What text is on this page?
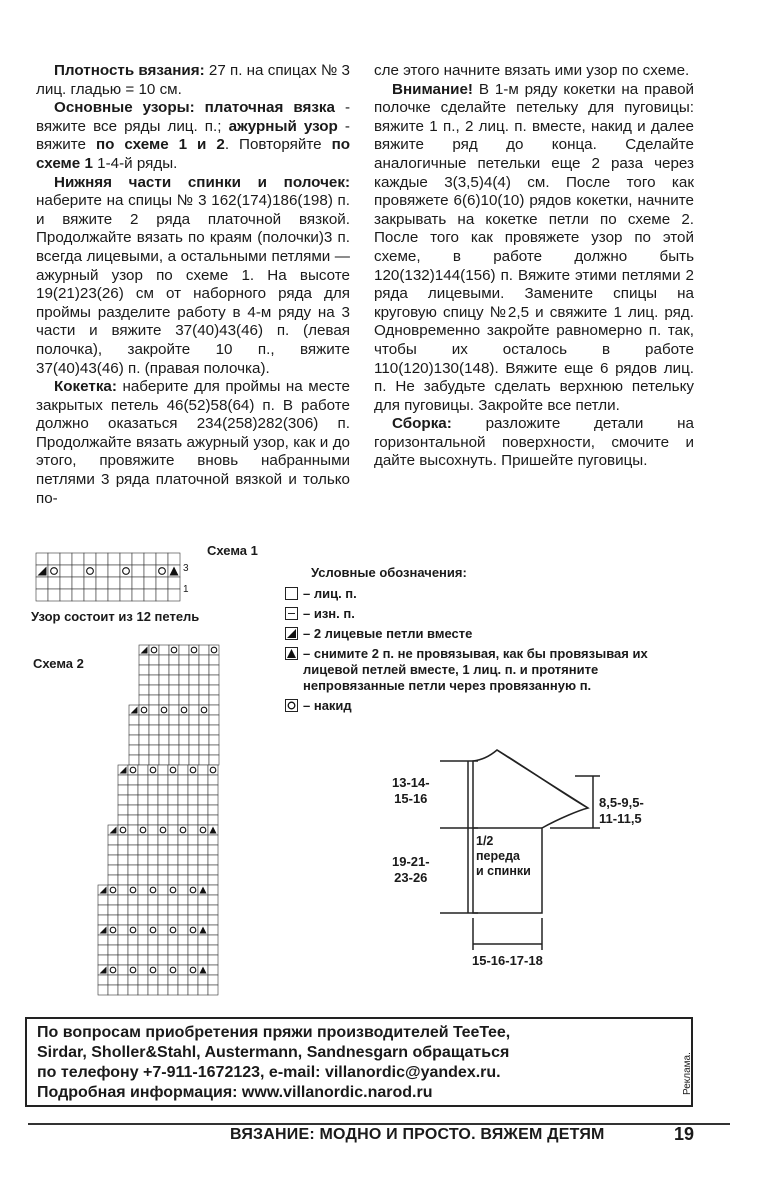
Плотность вязания: 27 п. на спицах № 3 лиц. гладью = 10 см.

Основные узоры: платочная вязка - вяжите все ряды лиц. п.; ажурный узор - вяжите по схеме 1 и 2. Повторяйте по схеме 1 1-4-й ряды.

Нижняя части спинки и полочек: наберите на спицы № 3 162(174)186(198) п. и вяжите 2 ряда платочной вязкой. Продолжайте вязать по краям (полочки)3 п. всегда лицевыми, а остальными петлями — ажурный узор по схеме 1. На высоте 19(21)23(26) см от наборного ряда для проймы разделите работу в 4-м ряду на 3 части и вяжите 37(40)43(46) п. (левая полочка), закройте 10 п., вяжите 37(40)43(46) п. (правая полочка).

Кокетка: наберите для проймы на месте закрытых петель 46(52)58(64) п. В работе должно оказаться 234(258)282(306) п. Продолжайте вязать ажурный узор, как и до этого, провяжите вновь набранными петлями 3 ряда платочной вязкой и только по-

сле этого начните вязать ими узор по схеме.

Внимание! В 1-м ряду кокетки на правой полочке сделайте петельку для пуговицы: вяжите 1 п., 2 лиц. п. вместе, накид и далее вяжите ряд до конца. Сделайте аналогичные петельки еще 2 раза через каждые 3(3,5)4(4) см. После того как провяжете 6(6)10(10) рядов кокетки, начните закрывать на кокетке петли по схеме 2. После того как провяжете узор по этой схеме, в работе должно быть 120(132)144(156) п. Вяжите этими петлями 2 ряда лицевыми. Замените спицы на круговую спицу №2,5 и свяжите 1 лиц. ряд. Одновременно закройте равномерно п. так, чтобы их осталось в работе 110(120)130(148). Вяжите еще 6 рядов лиц. п. Не забудьте сделать верхнюю петельку для пуговицы. Закройте все петли.

Сборка: разложите детали на горизонтальной поверхности, смочите и дайте высохнуть. Пришейте пуговицы.

Схема 1
3
1
Узор состоит из 12 петель
Схема 2
Условные обозначения:
– лиц. п.
– изн. п.
– 2 лицевые петли вместе
– снимите 2 п. не провязывая, как бы провязывая их лицевой петлей вместе, 1 лиц. п. и протяните непровязанные петли через провязанную п.
– накид
13-14-
15-16
19-21-
23-26
8,5-9,5-
11-11,5
1/2
переда
и спинки
15-16-17-18
По вопросам приобретения пряжи производителей TeeTee,
Sirdar, Sholler&Stahl, Austermann, Sandnesgarn обращаться
по телефону +7-911-1672123, e-mail: villanordic@yandex.ru.
Подробная информация: www.villanordic.narod.ru	Реклама.
ВЯЗАНИЕ: МОДНО И ПРОСТО. ВЯЖЕМ ДЕТЯМ	19
